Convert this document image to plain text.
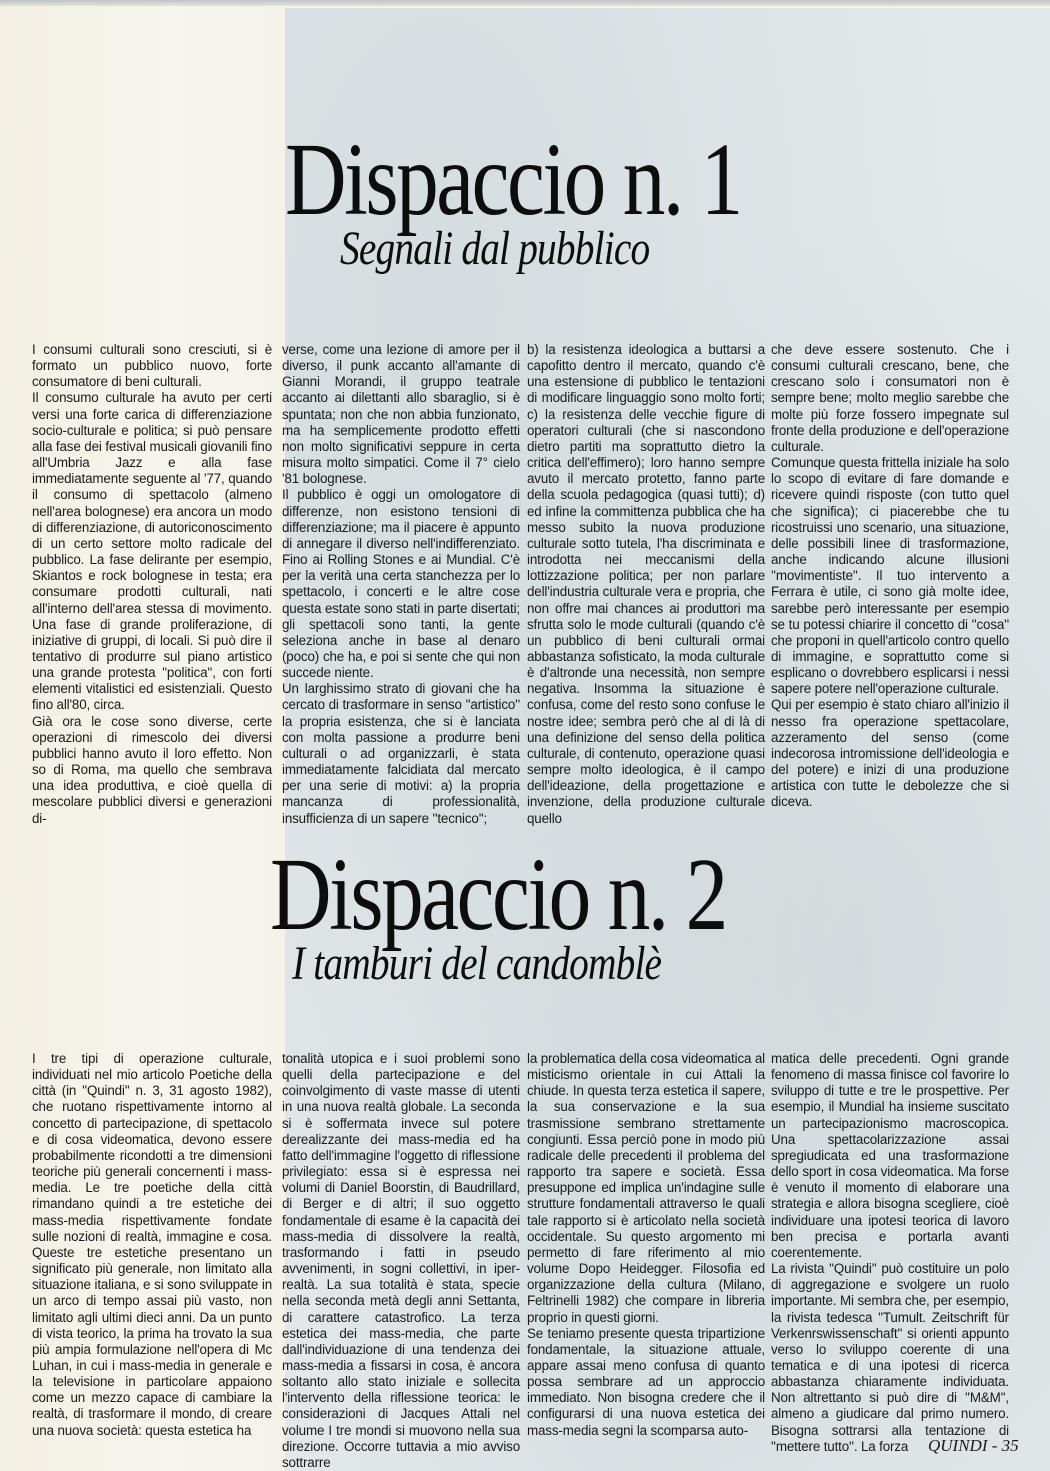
Dispaccio n. 1
Segnali dal pubblico

I consumi culturali sono cresciuti, si è formato un pubblico nuovo, forte consumatore di beni culturali.

Il consumo culturale ha avuto per certi versi una forte carica di differenziazione socio-culturale e politica; si può pensare alla fase dei festival musicali giovanili fino all'Umbria Jazz e alla fase immediatamente seguente al '77, quando il consumo di spettacolo (almeno nell'area bolognese) era ancora un modo di differenziazione, di autoriconoscimento di un certo settore molto radicale del pubblico. La fase delirante per esempio, Skiantos e rock bolognese in testa; era consumare prodotti culturali, nati all'interno dell'area stessa di movimento. Una fase di grande proliferazione, di iniziative di gruppi, di locali. Si può dire il tentativo di produrre sul piano artistico una grande protesta ''politica'', con forti elementi vitalistici ed esistenziali. Questo fino all'80, circa.

Già ora le cose sono diverse, certe operazioni di rimescolo dei diversi pubblici hanno avuto il loro effetto. Non so di Roma, ma quello che sembrava una idea produttiva, e cioè quella di mescolare pubblici diversi e generazioni di-

verse, come una lezione di amore per il diverso, il punk accanto all'amante di Gianni Morandi, il gruppo teatrale accanto ai dilettanti allo sbaraglio, si è spuntata; non che non abbia funzionato, ma ha semplicemente prodotto effetti non molto significativi seppure in certa misura molto simpatici. Come il 7° cielo '81 bolognese.

Il pubblico è oggi un omologatore di differenze, non esistono tensioni di differenziazione; ma il piacere è appunto di annegare il diverso nell'indifferenziato. Fino ai Rolling Stones e ai Mundial. C'è per la verità una certa stanchezza per lo spettacolo, i concerti e le altre cose questa estate sono stati in parte disertati; gli spettacoli sono tanti, la gente seleziona anche in base al denaro (poco) che ha, e poi si sente che qui non succede niente.

Un larghissimo strato di giovani che ha cercato di trasformare in senso ''artistico'' la propria esistenza, che si è lanciata con molta passione a produrre beni culturali o ad organizzarli, è stata immediatamente falcidiata dal mercato per una serie di motivi: a) la propria mancanza di professionalità, insufficienza di un sapere ''tecnico'';

b) la resistenza ideologica a buttarsi a capofitto dentro il mercato, quando c'è una estensione di pubblico le tentazioni di modificare linguaggio sono molto forti; c) la resistenza delle vecchie figure di operatori culturali (che si nascondono dietro partiti ma soprattutto dietro la critica dell'effimero); loro hanno sempre avuto il mercato protetto, fanno parte della scuola pedagogica (quasi tutti); d) ed infine la committenza pubblica che ha messo subito la nuova produzione culturale sotto tutela, l'ha discriminata e introdotta nei meccanismi della lottizzazione politica; per non parlare dell'industria culturale vera e propria, che non offre mai chances ai produttori ma sfrutta solo le mode culturali (quando c'è un pubblico di beni culturali ormai abbastanza sofisticato, la moda culturale è d'altronde una necessità, non sempre negativa. Insomma la situazione è confusa, come del resto sono confuse le nostre idee; sembra però che al di là di una definizione del senso della politica culturale, di contenuto, operazione quasi sempre molto ideologica, è il campo dell'ideazione, della progettazione e invenzione, della produzione culturale quello

che deve essere sostenuto. Che i consumi culturali crescano, bene, che crescano solo i consumatori non è sempre bene; molto meglio sarebbe che molte più forze fossero impegnate sul fronte della produzione e dell'operazione culturale.

Comunque questa frittella iniziale ha solo lo scopo di evitare di fare domande e ricevere quindi risposte (con tutto quel che significa); ci piacerebbe che tu ricostruissi uno scenario, una situazione, delle possibili linee di trasformazione, anche indicando alcune illusioni ''movimentiste''. Il tuo intervento a Ferrara è utile, ci sono già molte idee, sarebbe però interessante per esempio se tu potessi chiarire il concetto di ''cosa'' che proponi in quell'articolo contro quello di immagine, e soprattutto come si esplicano o dovrebbero esplicarsi i nessi sapere potere nell'operazione culturale.

Qui per esempio è stato chiaro all'inizio il nesso fra operazione spettacolare, azzeramento del senso (come indecorosa intromissione dell'ideologia e del potere) e inizi di una produzione artistica con tutte le debolezze che si diceva.

Dispaccio n. 2
I tamburi del candomblè

I tre tipi di operazione culturale, individuati nel mio articolo Poetiche della città (in ''Quindi'' n. 3, 31 agosto 1982), che ruotano rispettivamente intorno al concetto di partecipazione, di spettacolo e di cosa videomatica, devono essere probabilmente ricondotti a tre dimensioni teoriche più generali concernenti i mass-media. Le tre poetiche della città rimandano quindi a tre estetiche dei mass-media rispettivamente fondate sulle nozioni di realtà, immagine e cosa. Queste tre estetiche presentano un significato più generale, non limitato alla situazione italiana, e si sono sviluppate in un arco di tempo assai più vasto, non limitato agli ultimi dieci anni. Da un punto di vista teorico, la prima ha trovato la sua più ampia formulazione nell'opera di Mc Luhan, in cui i mass-media in generale e la televisione in particolare appaiono come un mezzo capace di cambiare la realtà, di trasformare il mondo, di creare una nuova società: questa estetica ha

tonalità utopica e i suoi problemi sono quelli della partecipazione e del coinvolgimento di vaste masse di utenti in una nuova realtà globale. La seconda si è soffermata invece sul potere derealizzante dei mass-media ed ha fatto dell'immagine l'oggetto di riflessione privilegiato: essa si è espressa nei volumi di Daniel Boorstin, di Baudrillard, di Berger e di altri; il suo oggetto fondamentale di esame è la capacità dei mass-media di dissolvere la realtà, trasformando i fatti in pseudo avvenimenti, in sogni collettivi, in iper-realtà. La sua totalità è stata, specie nella seconda metà degli anni Settanta, di carattere catastrofico. La terza estetica dei mass-media, che parte dall'individuazione di una tendenza dei mass-media a fissarsi in cosa, è ancora soltanto allo stato iniziale e sollecita l'intervento della riflessione teorica: le considerazioni di Jacques Attali nel volume I tre mondi si muovono nella sua direzione. Occorre tuttavia a mio avviso sottrarre

la problematica della cosa videomatica al misticismo orientale in cui Attali la chiude. In questa terza estetica il sapere, la sua conservazione e la sua trasmissione sembrano strettamente congiunti. Essa perciò pone in modo più radicale delle precedenti il problema del rapporto tra sapere e società. Essa presuppone ed implica un'indagine sulle strutture fondamentali attraverso le quali tale rapporto si è articolato nella società occidentale. Su questo argomento mi permetto di fare riferimento al mio volume Dopo Heidegger. Filosofia ed organizzazione della cultura (Milano, Feltrinelli 1982) che compare in libreria proprio in questi giorni.

Se teniamo presente questa tripartizione fondamentale, la situazione attuale, appare assai meno confusa di quanto possa sembrare ad un approccio immediato. Non bisogna credere che il configurarsi di una nuova estetica dei mass-media segni la scomparsa auto-

matica delle precedenti. Ogni grande fenomeno di massa finisce col favorire lo sviluppo di tutte e tre le prospettive. Per esempio, il Mundial ha insieme suscitato un partecipazionismo macroscopica. Una spettacolarizzazione assai spregiudicata ed una trasformazione dello sport in cosa videomatica. Ma forse è venuto il momento di elaborare una strategia e allora bisogna scegliere, cioè individuare una ipotesi teorica di lavoro ben precisa e portarla avanti coerentemente.

La rivista ''Quindi'' può costituire un polo di aggregazione e svolgere un ruolo importante. Mi sembra che, per esempio, la rivista tedesca ''Tumult. Zeitschrift für Verkenrswissenschaft'' si orienti appunto verso lo sviluppo coerente di una tematica e di una ipotesi di ricerca abbastanza chiaramente individuata. Non altrettanto si può dire di ''M&M'', almeno a giudicare dal primo numero. Bisogna sottrarsi alla tentazione di ''mettere tutto''. La forza	QUINDI - 35
